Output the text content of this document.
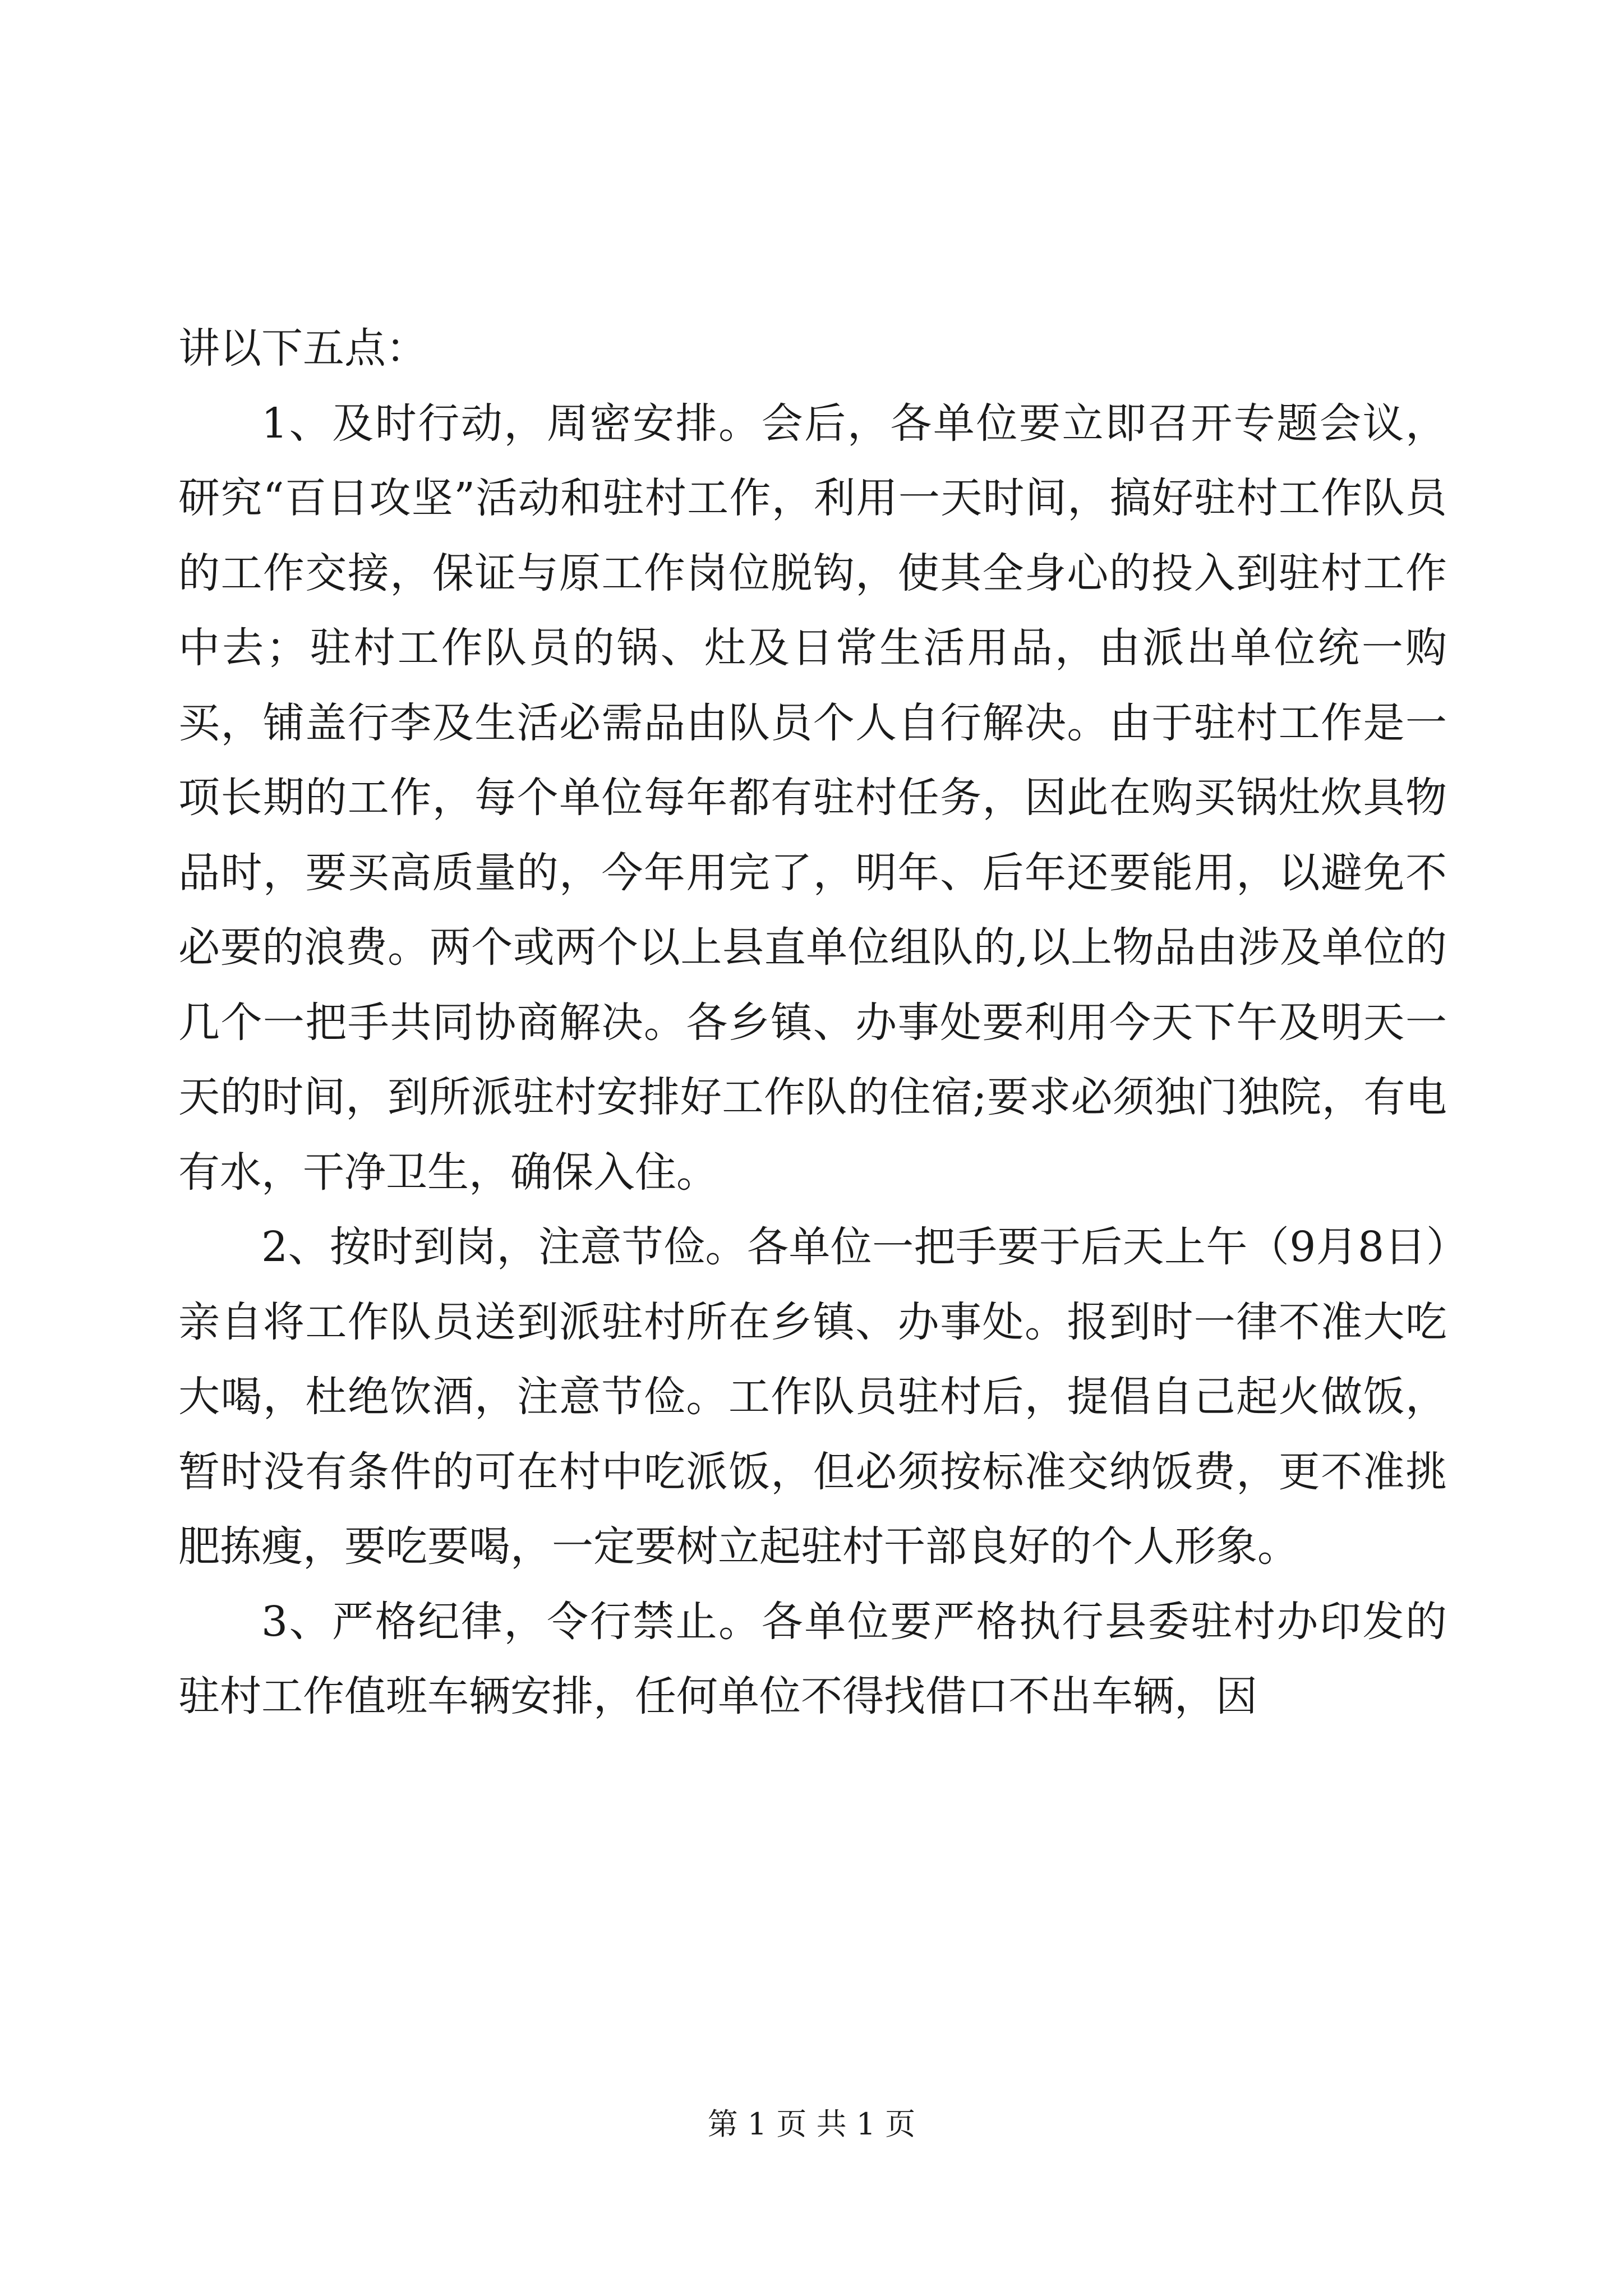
讲以下五点：

1、及时行动，周密安排。会后，各单位要立即召开专题会议，研究“百日攻坚”活动和驻村工作，利用一天时间，搞好驻村工作队员的工作交接，保证与原工作岗位脱钩，使其全身心的投入到驻村工作中去；驻村工作队员的锅、灶及日常生活用品，由派出单位统一购买，铺盖行李及生活必需品由队员个人自行解决。由于驻村工作是一项长期的工作，每个单位每年都有驻村任务，因此在购买锅灶炊具物品时，要买高质量的，今年用完了，明年、后年还要能用，以避免不必要的浪费。两个或两个以上县直单位组队的,以上物品由涉及单位的几个一把手共同协商解决。各乡镇、办事处要利用今天下午及明天一天的时间，到所派驻村安排好工作队的住宿;要求必须独门独院，有电有水，干净卫生，确保入住。

2、按时到岗，注意节俭。各单位一把手要于后天上午（9月8日）亲自将工作队员送到派驻村所在乡镇、办事处。报到时一律不准大吃大喝，杜绝饮酒，注意节俭。工作队员驻村后，提倡自己起火做饭，暂时没有条件的可在村中吃派饭，但必须按标准交纳饭费，更不准挑肥拣瘦，要吃要喝，一定要树立起驻村干部良好的个人形象。

3、严格纪律，令行禁止。各单位要严格执行县委驻村办印发的驻村工作值班车辆安排，任何单位不得找借口不出车辆，因

第 1 页 共 1 页
